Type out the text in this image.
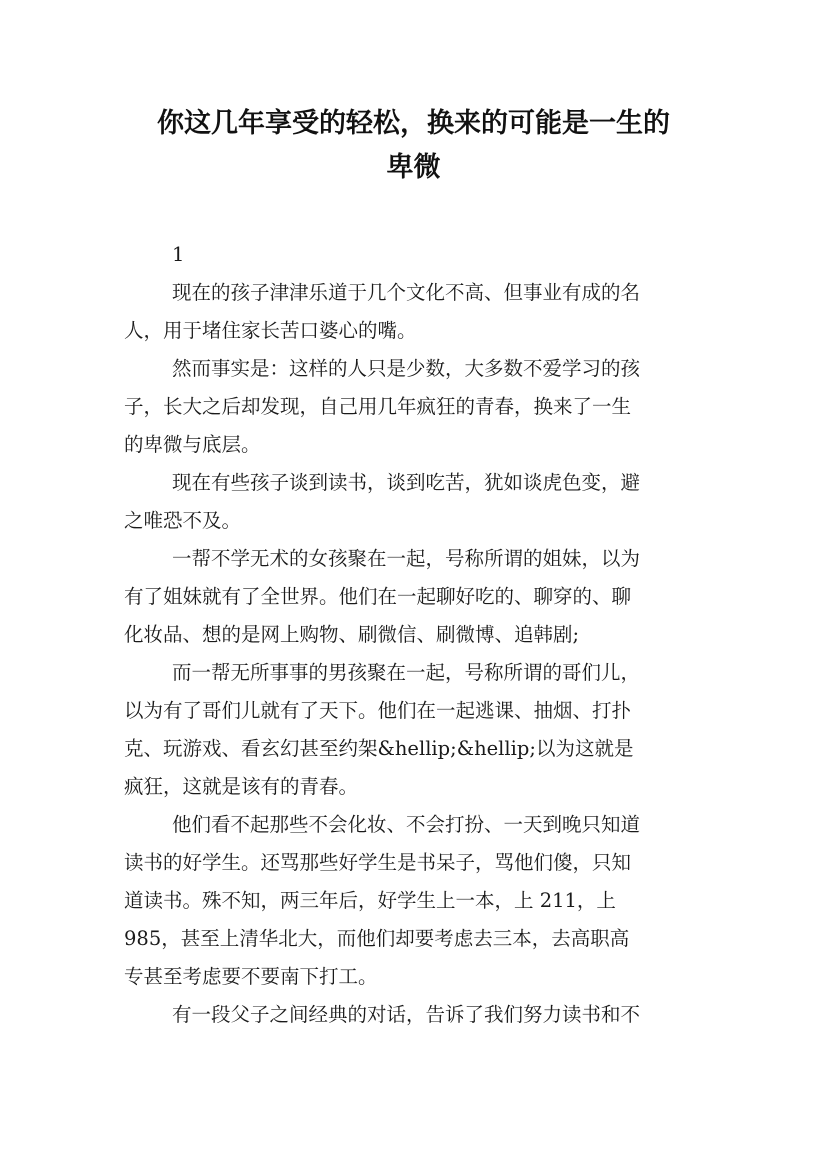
你这几年享受的轻松，换来的可能是一生的
卑微
1
现在的孩子津津乐道于几个文化不高、但事业有成的名
人，用于堵住家长苦口婆心的嘴。
然而事实是：这样的人只是少数，大多数不爱学习的孩
子，长大之后却发现，自己用几年疯狂的青春，换来了一生
的卑微与底层。
现在有些孩子谈到读书，谈到吃苦，犹如谈虎色变，避
之唯恐不及。
一帮不学无术的女孩聚在一起，号称所谓的姐妹，以为
有了姐妹就有了全世界。他们在一起聊好吃的、聊穿的、聊
化妆品、想的是网上购物、刷微信、刷微博、追韩剧;
而一帮无所事事的男孩聚在一起，号称所谓的哥们儿，
以为有了哥们儿就有了天下。他们在一起逃课、抽烟、打扑
克、玩游戏、看玄幻甚至约架&hellip;&hellip;以为这就是
疯狂，这就是该有的青春。
他们看不起那些不会化妆、不会打扮、一天到晚只知道
读书的好学生。还骂那些好学生是书呆子，骂他们傻，只知
道读书。殊不知，两三年后，好学生上一本，上 211，上
985，甚至上清华北大，而他们却要考虑去三本，去高职高
专甚至考虑要不要南下打工。
有一段父子之间经典的对话，告诉了我们努力读书和不
